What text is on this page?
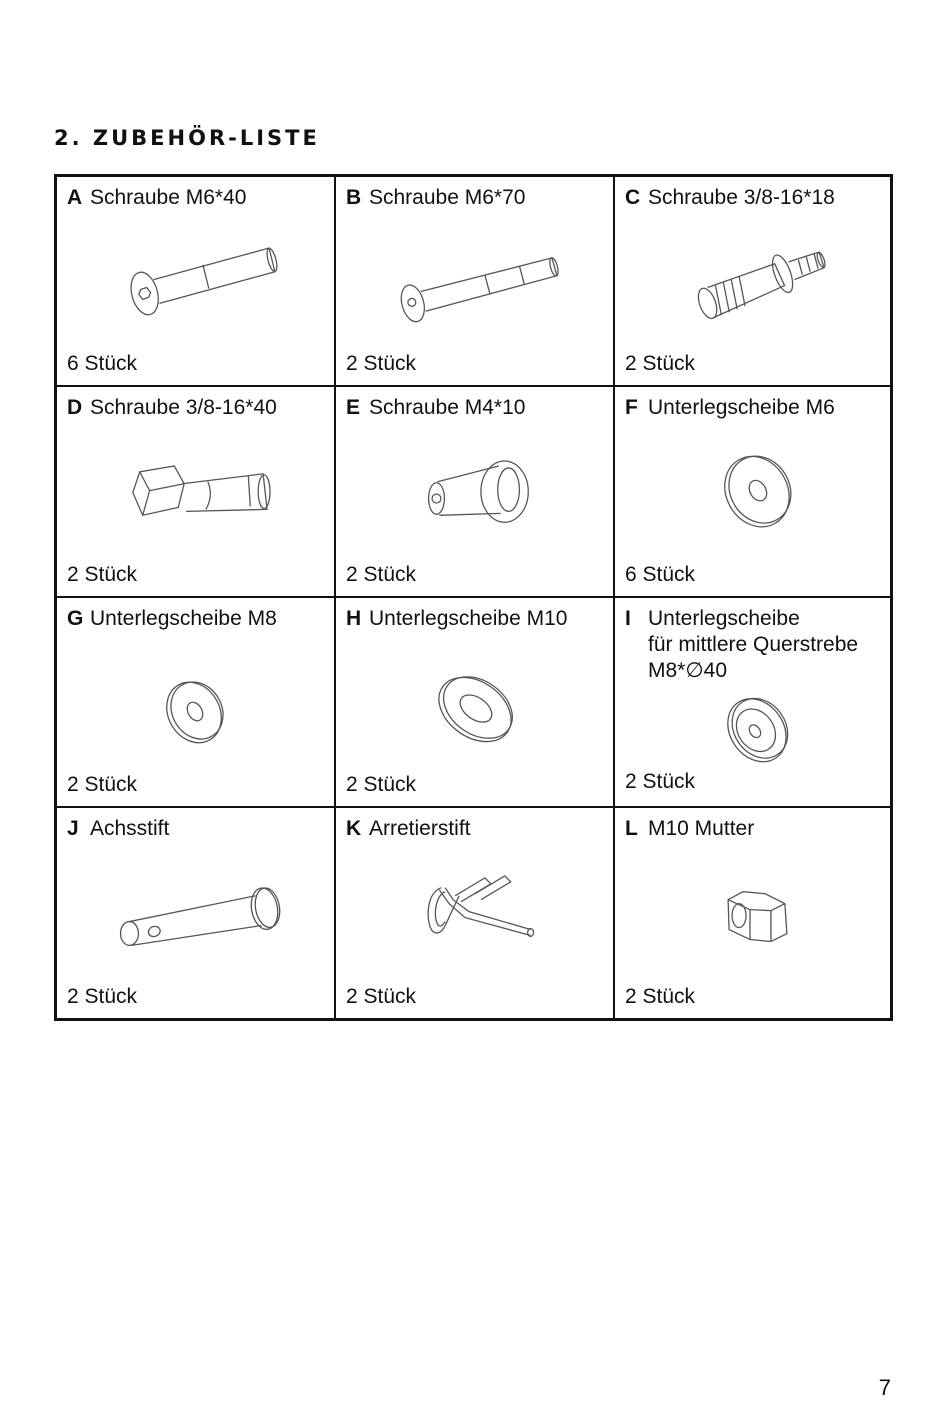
2. ZUBEHÖR-LISTE
A Schraube M6*40
6 Stück
B Schraube M6*70
2 Stück
C Schraube 3/8-16*18
2 Stück
D Schraube 3/8-16*40
2 Stück
E Schraube M4*10
2 Stück
F Unterlegscheibe M6
6 Stück
G Unterlegscheibe M8
2 Stück
H Unterlegscheibe M10
2 Stück
I Unterlegscheibe
für mittlere Querstrebe
M8*∅40
2 Stück
J Achsstift
2 Stück
K Arretierstift
2 Stück
L M10 Mutter
2 Stück
7
